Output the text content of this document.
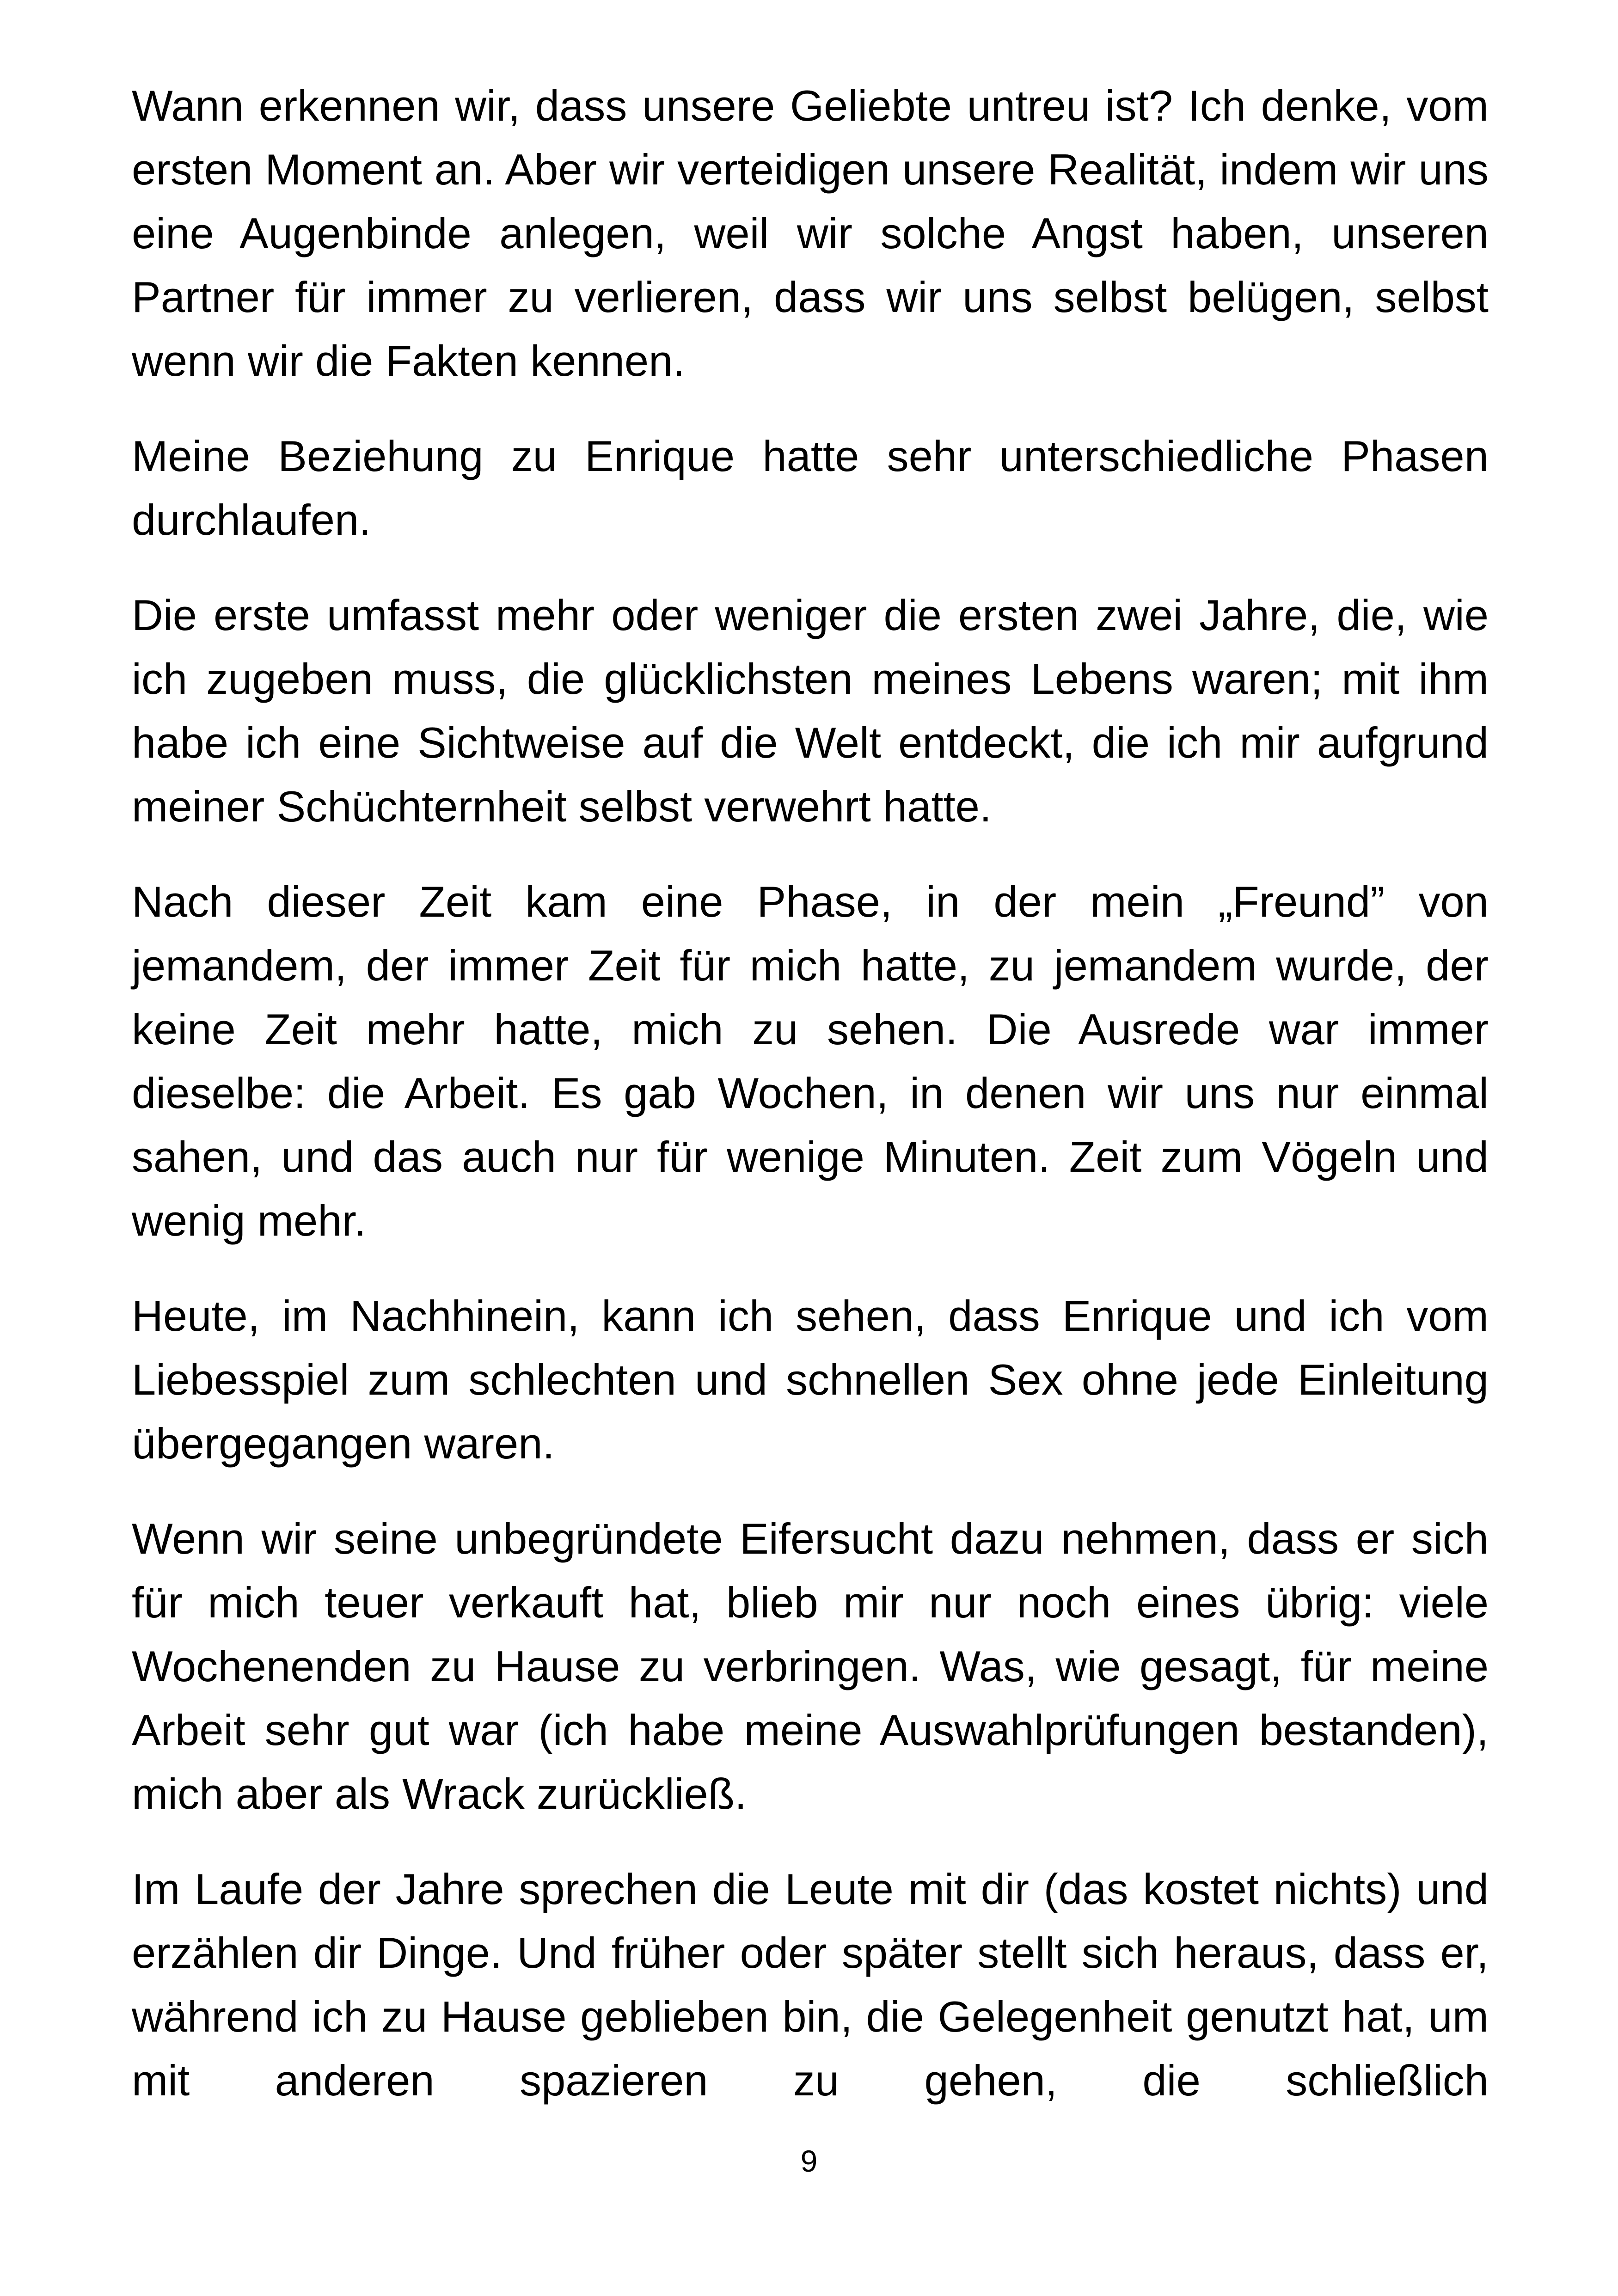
Wann erkennen wir, dass unsere Geliebte untreu ist? Ich denke, vom ersten Moment an. Aber wir verteidigen unsere Realität, indem wir uns eine Augenbinde anlegen, weil wir solche Angst haben, unseren Partner für immer zu verlieren, dass wir uns selbst belügen, selbst wenn wir die Fakten kennen.

Meine Beziehung zu Enrique hatte sehr unterschiedliche Phasen durchlaufen.

Die erste umfasst mehr oder weniger die ersten zwei Jahre, die, wie ich zugeben muss, die glücklichsten meines Lebens waren; mit ihm habe ich eine Sichtweise auf die Welt entdeckt, die ich mir aufgrund meiner Schüchternheit selbst verwehrt hatte.

Nach dieser Zeit kam eine Phase, in der mein „Freund” von jemandem, der immer Zeit für mich hatte, zu jemandem wurde, der keine Zeit mehr hatte, mich zu sehen. Die Ausrede war immer dieselbe: die Arbeit. Es gab Wochen, in denen wir uns nur einmal sahen, und das auch nur für wenige Minuten. Zeit zum Vögeln und wenig mehr.

Heute, im Nachhinein, kann ich sehen, dass Enrique und ich vom Liebesspiel zum schlechten und schnellen Sex ohne jede Einleitung übergegangen waren.

Wenn wir seine unbegründete Eifersucht dazu nehmen, dass er sich für mich teuer verkauft hat, blieb mir nur noch eines übrig: viele Wochenenden zu Hause zu verbringen. Was, wie gesagt, für meine Arbeit sehr gut war (ich habe meine Auswahlprüfungen bestanden), mich aber als Wrack zurückließ.

Im Laufe der Jahre sprechen die Leute mit dir (das kostet nichts) und erzählen dir Dinge. Und früher oder später stellt sich heraus, dass er, während ich zu Hause geblieben bin, die Gelegenheit genutzt hat, um mit anderen spazieren zu gehen, die schließlich

9
